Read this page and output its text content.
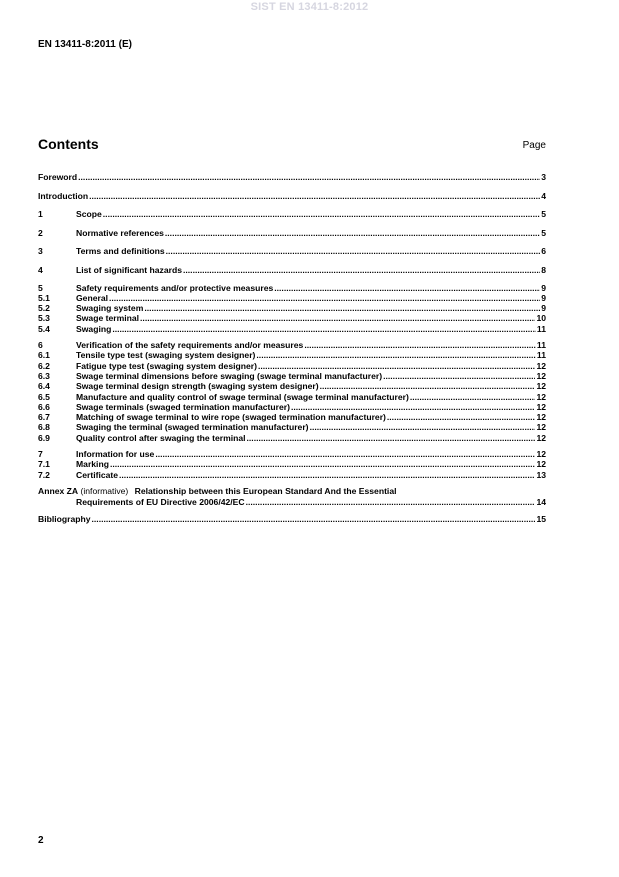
SIST EN 13411-8:2012
EN 13411-8:2011 (E)
Contents	Page
Foreword .....	3
Introduction .....	4
1	Scope .....	5
2	Normative references .....	5
3	Terms and definitions .....	6
4	List of significant hazards .....	8
5	Safety requirements and/or protective measures .....	9
5.1	General .....	9
5.2	Swaging system .....	9
5.3	Swage terminal .....	10
5.4	Swaging .....	11
6	Verification of the safety requirements and/or measures .....	11
6.1	Tensile type test (swaging system designer) .....	11
6.2	Fatigue type test (swaging system designer) .....	12
6.3	Swage terminal dimensions before swaging (swage terminal manufacturer) .....	12
6.4	Swage terminal design strength (swaging system designer) .....	12
6.5	Manufacture and quality control of swage terminal (swage terminal manufacturer) .....	12
6.6	Swage terminals (swaged termination manufacturer) .....	12
6.7	Matching of swage terminal to wire rope (swaged termination manufacturer) .....	12
6.8	Swaging the terminal (swaged termination manufacturer) .....	12
6.9	Quality control after swaging the terminal .....	12
7	Information for use .....	12
7.1	Marking .....	12
7.2	Certificate .....	13
Annex ZA (informative) Relationship between this European Standard And the Essential
Requirements of EU Directive 2006/42/EC .....	14
Bibliography .....	15
2
